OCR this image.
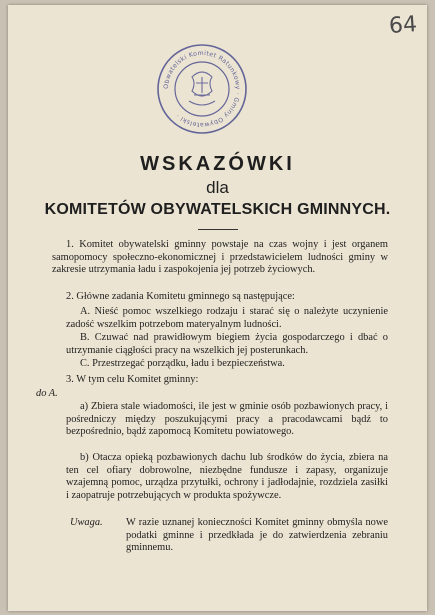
64
Obwatelski Komitet Ratunkowy · Gminy Obywatelski ·
WSKAZÓWKI
dla
KOMITETÓW OBYWATELSKICH GMINNYCH.

1. Komitet obywatelski gminny powstaje na czas wojny i jest organem samopomocy społeczno-ekonomicznej i przedstawicielem ludności gminy w zakresie utrzymania ładu i zaspokojenia jej potrzeb życiowych.

2. Główne zadania Komitetu gminnego są następujące:

A. Nieść pomoc wszelkiego rodzaju i starać się o należyte uczynienie zadość wszelkim potrzebom materyalnym ludności.

B. Czuwać nad prawidłowym biegiem życia gospodarczego i dbać o utrzymanie ciągłości pracy na wszelkich jej posterunkach.

C. Przestrzegać porządku, ładu i bezpieczeństwa.

3. W tym celu Komitet gminny:

do A.

a) Zbiera stale wiadomości, ile jest w gminie osób pozbawionych pracy, i pośredniczy między poszukującymi pracy a pracodawcami bądź to bezpośrednio, bądź zapomocą Komitetu powiatowego.

b) Otacza opieką pozbawionych dachu lub środków do życia, zbiera na ten cel ofiary dobrowolne, niezbędne fundusze i zapasy, organizuje wzajemną pomoc, urządza przytułki, ochrony i jadłodajnie, rozdziela zasiłki i zaopatruje potrzebujących w produkta spożywcze.

Uwaga. W razie uznanej konieczności Komitet gminny obmyśla nowe podatki gminne i przedkłada je do zatwierdzenia zebraniu gminnemu.
